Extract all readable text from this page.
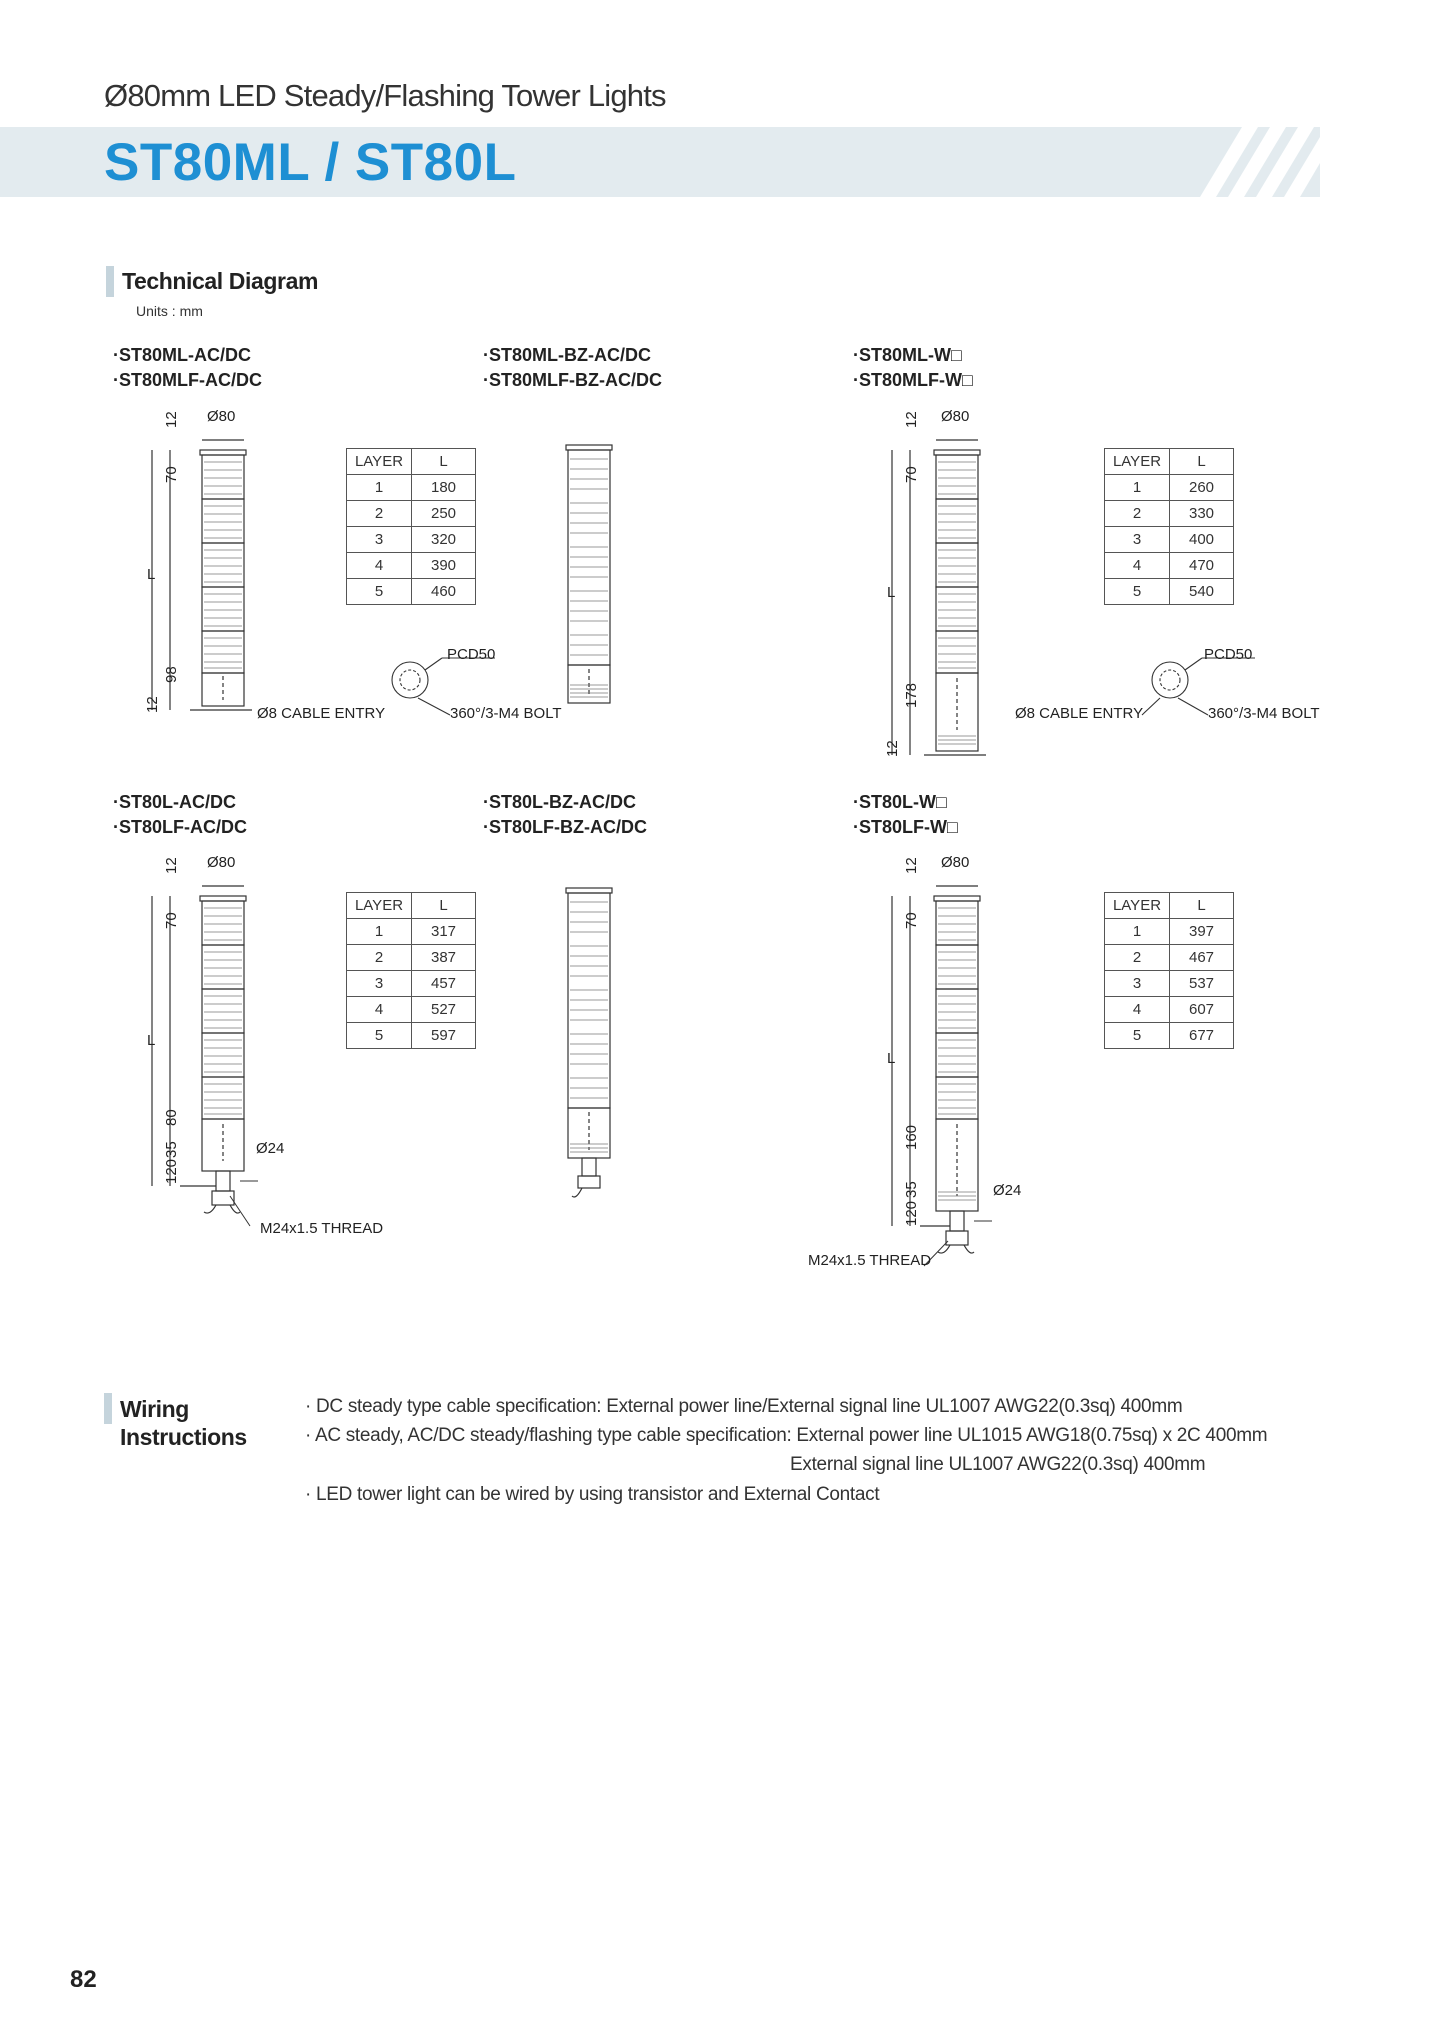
Ø80mm LED Steady/Flashing Tower Lights
ST80ML / ST80L
Technical Diagram
Units : mm
·ST80ML-AC/DC
·ST80MLF-AC/DC
·ST80ML-BZ-AC/DC
·ST80MLF-BZ-AC/DC
·ST80ML-W□
·ST80MLF-W□
12
70
L
98
12
Ø80
LAYER	L
1	180
2	250
3	320
4	390
5	460
PCD50
Ø8 CABLE ENTRY	360°/3-M4 BOLT
12
70
L
178
12
Ø80
LAYER	L
1	260
2	330
3	400
4	470
5	540
PCD50
Ø8 CABLE ENTRY	360°/3-M4 BOLT
·ST80L-AC/DC
·ST80LF-AC/DC
·ST80L-BZ-AC/DC
·ST80LF-BZ-AC/DC
·ST80L-W□
·ST80LF-W□
12
70
L
80
35
120
Ø80
Ø24
M24x1.5 THREAD
LAYER	L
1	317
2	387
3	457
4	527
5	597
12
70
L
160
35
120
Ø80
Ø24
M24x1.5 THREAD
LAYER	L
1	397
2	467
3	537
4	607
5	677
Wiring
Instructions
· DC steady type cable specification: External power line/External signal line UL1007 AWG22(0.3sq) 400mm
· AC steady, AC/DC steady/flashing type cable specification: External power line UL1015 AWG18(0.75sq) x 2C 400mm
External signal line UL1007 AWG22(0.3sq) 400mm
· LED tower light can be wired by using transistor and External Contact
82
